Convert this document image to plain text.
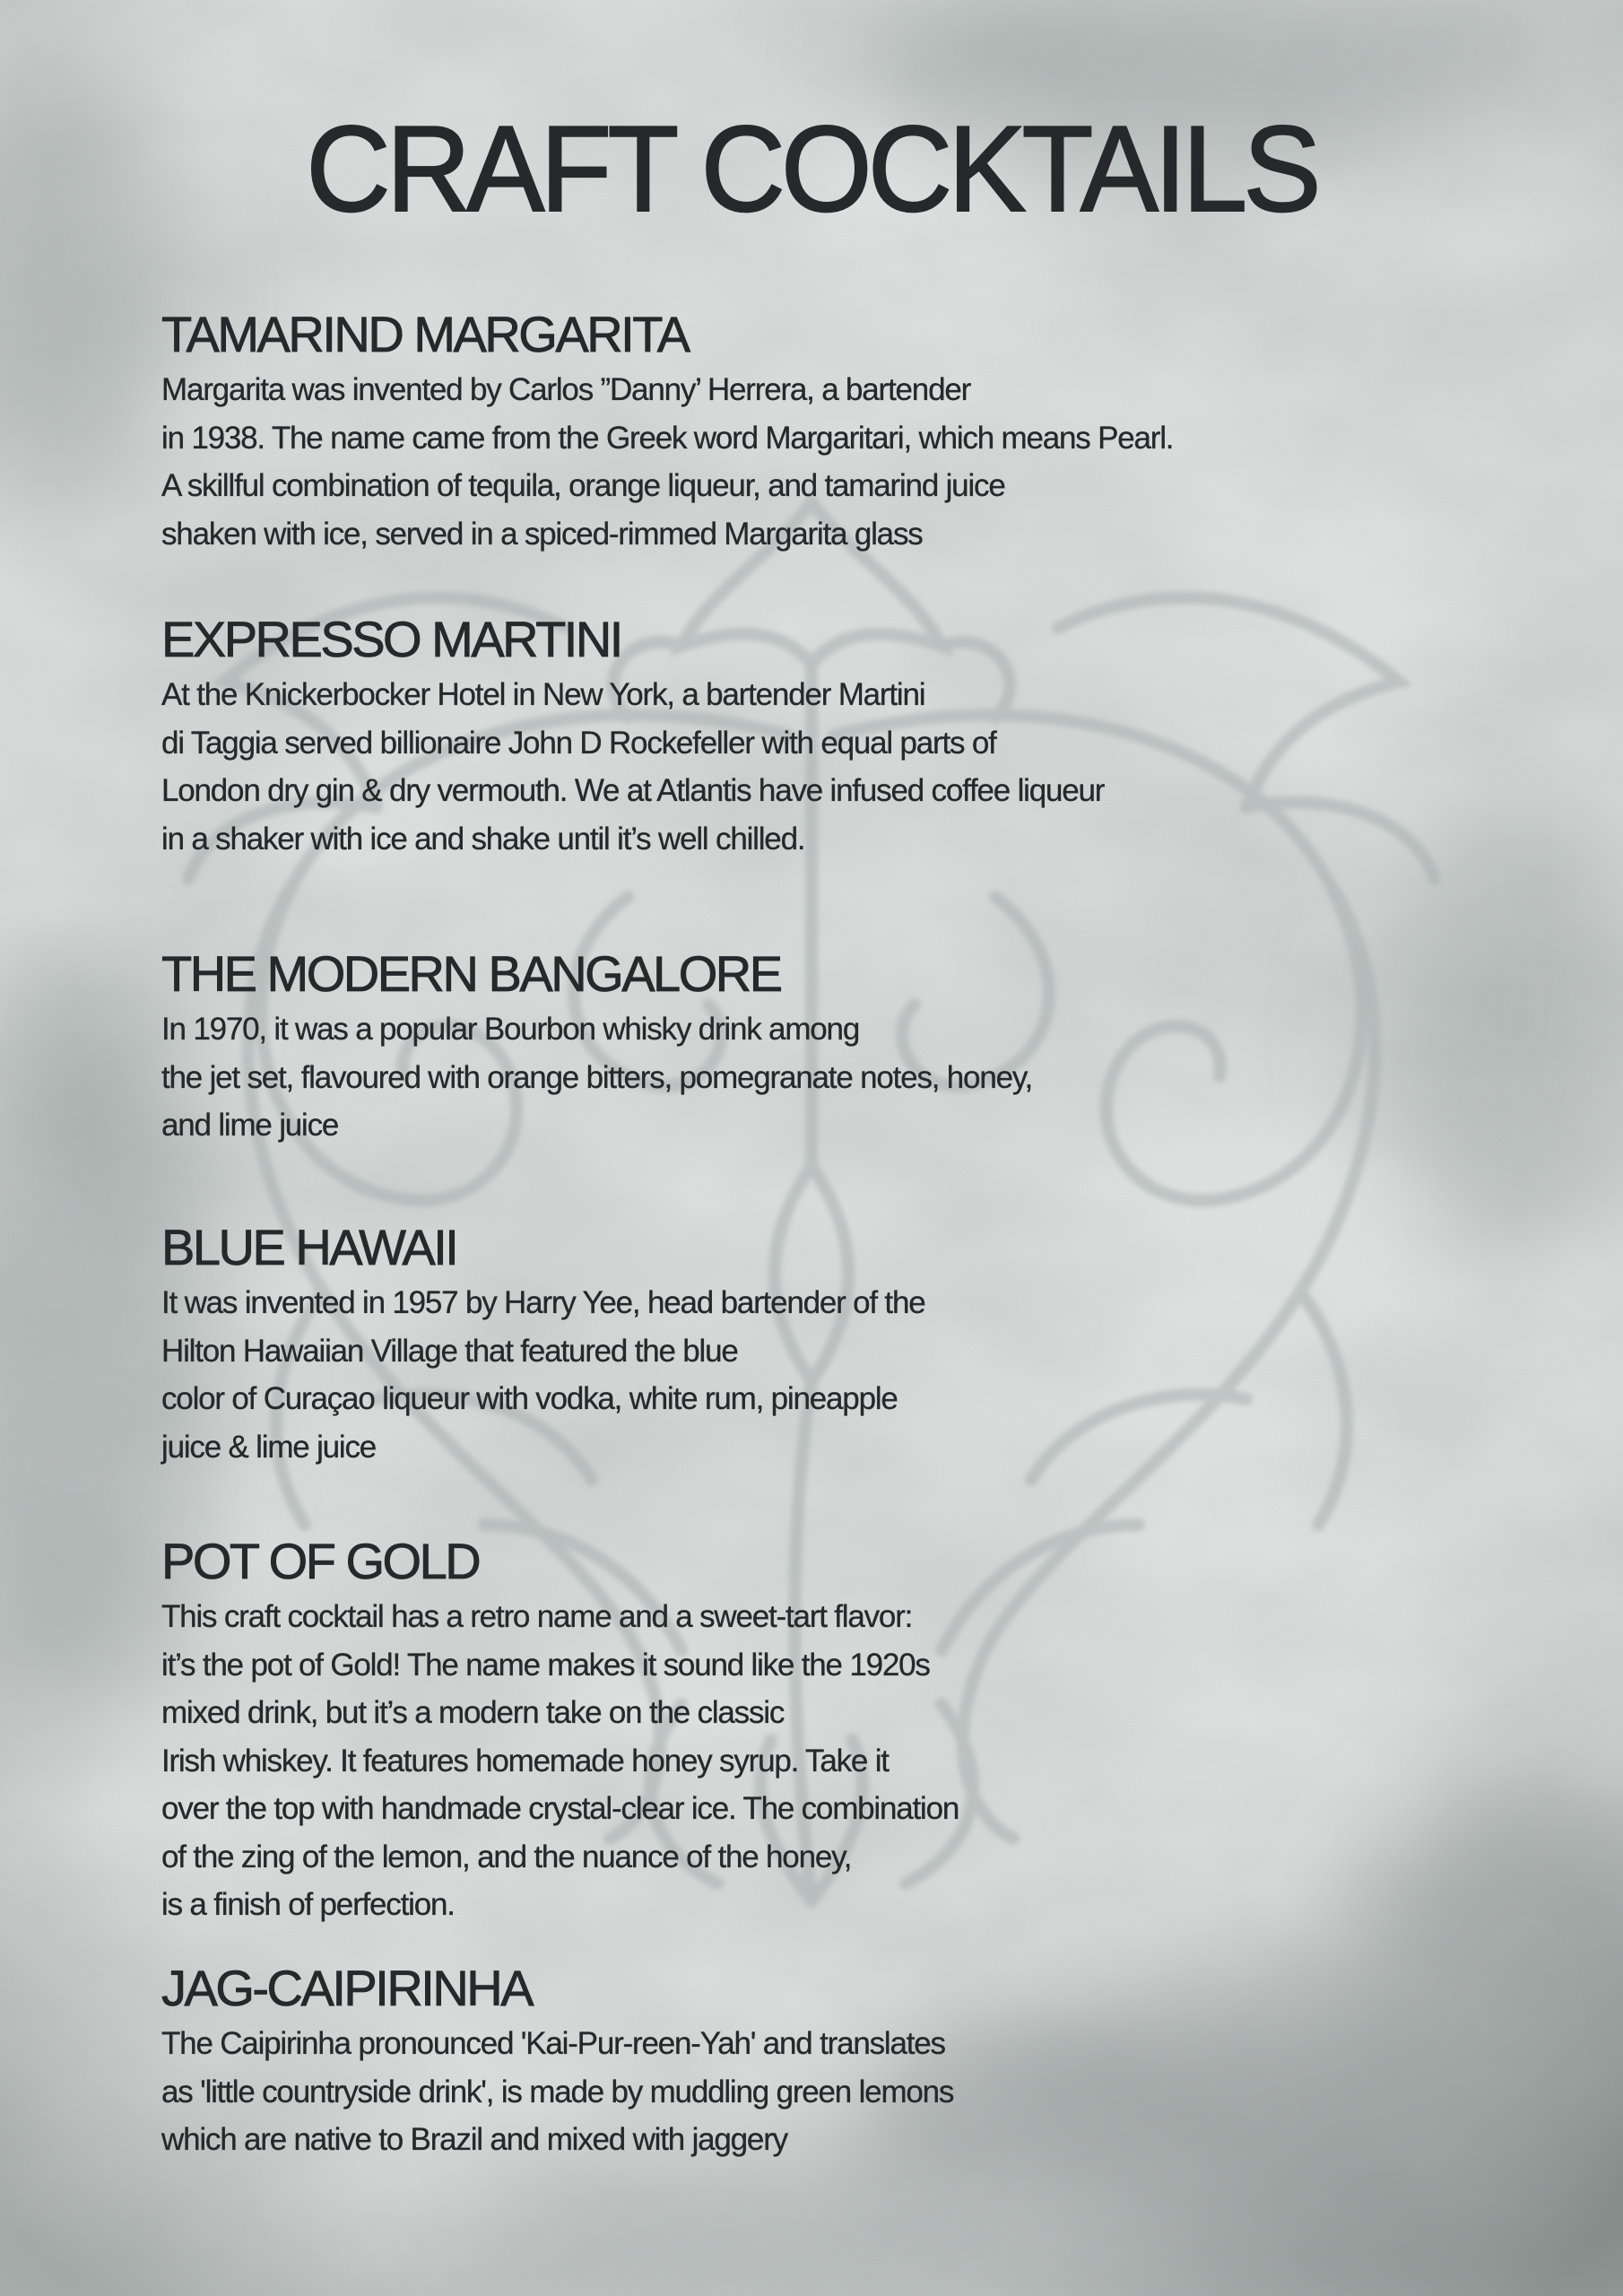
CRAFT COCKTAILS
TAMARIND MARGARITA

Margarita was invented by Carlos ”Danny’ Herrera, a bartender
in 1938. The name came from the Greek word Margaritari, which means Pearl.
A skillful combination of tequila, orange liqueur, and tamarind juice
shaken with ice, served in a spiced-rimmed Margarita glass

EXPRESSO MARTINI

At the Knickerbocker Hotel in New York, a bartender Martini
di Taggia served billionaire John D Rockefeller with equal parts of
London dry gin & dry vermouth. We at Atlantis have infused coffee liqueur
in a shaker with ice and shake until it’s well chilled.

THE MODERN BANGALORE

In 1970, it was a popular Bourbon whisky drink among
the jet set, flavoured with orange bitters, pomegranate notes, honey,
and lime juice

BLUE HAWAII

It was invented in 1957 by Harry Yee, head bartender of the
Hilton Hawaiian Village that featured the blue
color of Curaçao liqueur with vodka, white rum, pineapple
juice & lime juice

POT OF GOLD

This craft cocktail has a retro name and a sweet-tart flavor:
it’s the pot of Gold! The name makes it sound like the 1920s
mixed drink, but it’s a modern take on the classic
Irish whiskey. It features homemade honey syrup. Take it
over the top with handmade crystal-clear ice. The combination
of the zing of the lemon, and the nuance of the honey,
is a finish of perfection.

JAG-CAIPIRINHA

The Caipirinha pronounced 'Kai-Pur-reen-Yah' and translates
as 'little countryside drink', is made by muddling green lemons
which are native to Brazil and mixed with jaggery
